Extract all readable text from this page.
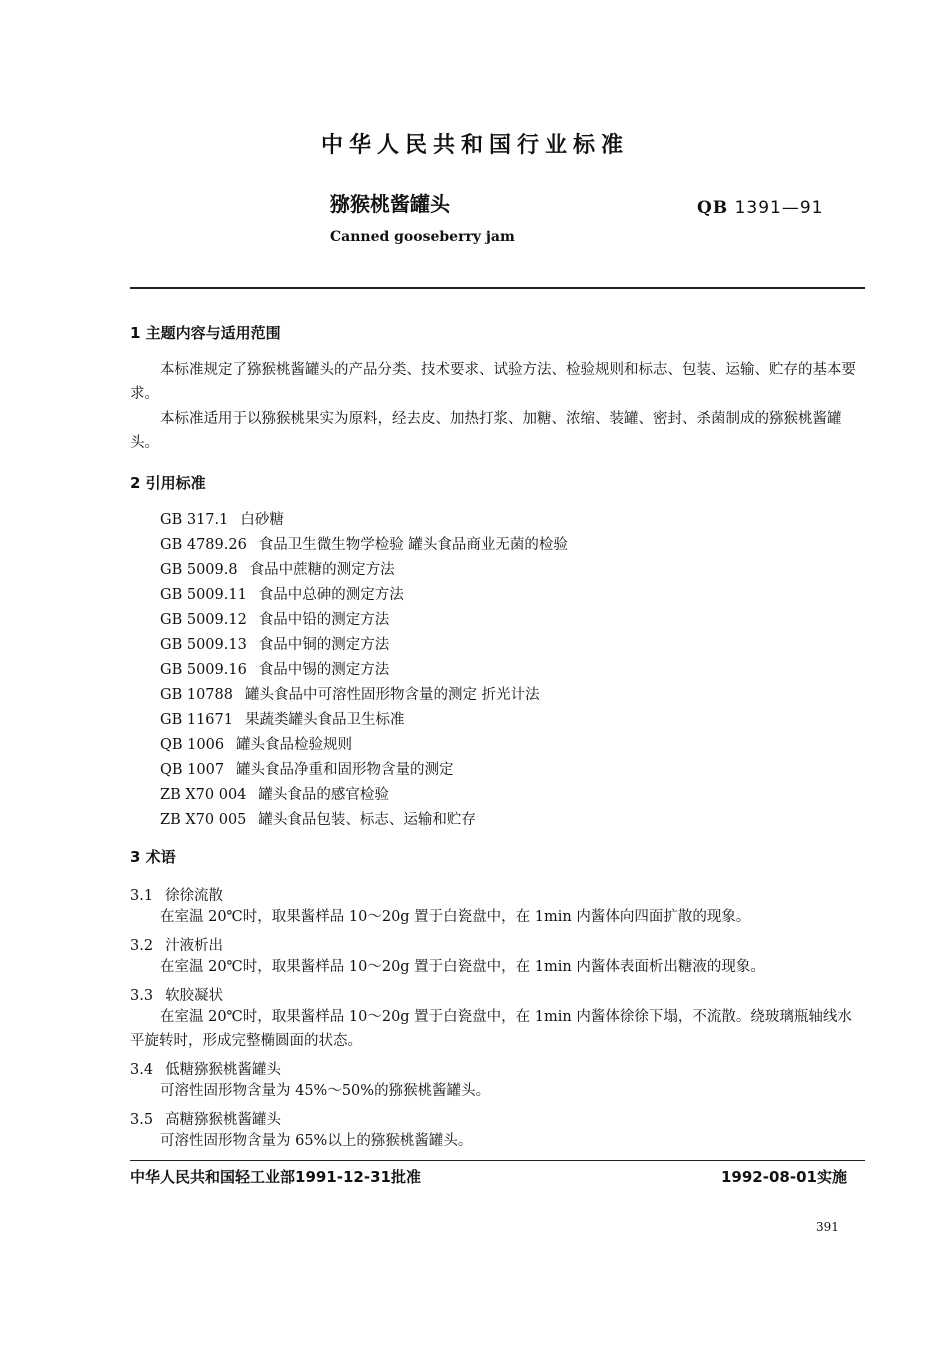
中华人民共和国行业标准
猕猴桃酱罐头	QB 1391—91
Canned gooseberry jam
1 主题内容与适用范围
本标准规定了猕猴桃酱罐头的产品分类、技术要求、试验方法、检验规则和标志、包装、运输、贮存的基本要求。
本标准适用于以猕猴桃果实为原料，经去皮、加热打浆、加糖、浓缩、装罐、密封、杀菌制成的猕猴桃酱罐头。
2 引用标准
GB 317.1 白砂糖
GB 4789.26 食品卫生微生物学检验 罐头食品商业无菌的检验
GB 5009.8 食品中蔗糖的测定方法
GB 5009.11 食品中总砷的测定方法
GB 5009.12 食品中铅的测定方法
GB 5009.13 食品中铜的测定方法
GB 5009.16 食品中锡的测定方法
GB 10788 罐头食品中可溶性固形物含量的测定 折光计法
GB 11671 果蔬类罐头食品卫生标准
QB 1006 罐头食品检验规则
QB 1007 罐头食品净重和固形物含量的测定
ZB X70 004 罐头食品的感官检验
ZB X70 005 罐头食品包装、标志、运输和贮存
3 术语
3.1 徐徐流散
在室温 20℃时，取果酱样品 10～20g 置于白瓷盘中，在 1min 内酱体向四面扩散的现象。
3.2 汁液析出
在室温 20℃时，取果酱样品 10～20g 置于白瓷盘中，在 1min 内酱体表面析出糖液的现象。
3.3 软胶凝状
在室温 20℃时，取果酱样品 10～20g 置于白瓷盘中，在 1min 内酱体徐徐下塌，不流散。绕玻璃瓶轴线水平旋转时，形成完整椭圆面的状态。
3.4 低糖猕猴桃酱罐头
可溶性固形物含量为 45%～50%的猕猴桃酱罐头。
3.5 高糖猕猴桃酱罐头
可溶性固形物含量为 65%以上的猕猴桃酱罐头。
中华人民共和国轻工业部1991-12-31批准	1992-08-01实施
391
